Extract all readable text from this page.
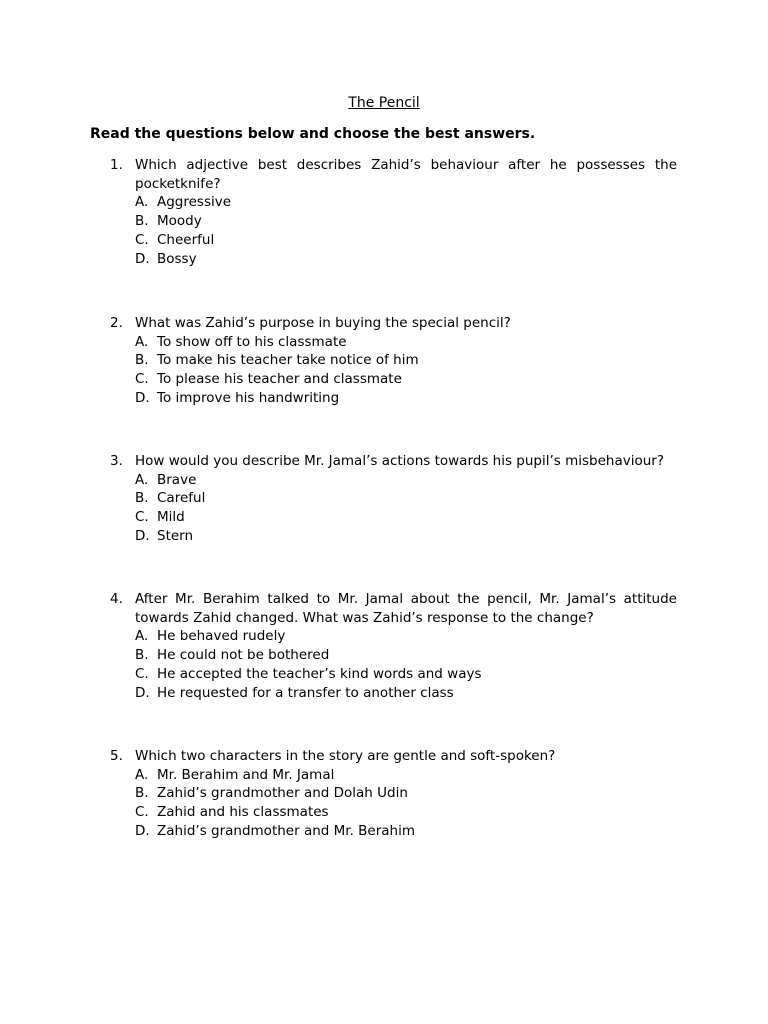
The Pencil
Read the questions below and choose the best answers.
1. Which adjective best describes Zahid’s behaviour after he possesses the pocketknife?
A. Aggressive
B. Moody
C. Cheerful
D. Bossy
2. What was Zahid’s purpose in buying the special pencil?
A. To show off to his classmate
B. To make his teacher take notice of him
C. To please his teacher and classmate
D. To improve his handwriting
3. How would you describe Mr. Jamal’s actions towards his pupil’s misbehaviour?
A. Brave
B. Careful
C. Mild
D. Stern
4. After Mr. Berahim talked to Mr. Jamal about the pencil, Mr. Jamal’s attitude towards Zahid changed. What was Zahid’s response to the change?
A. He behaved rudely
B. He could not be bothered
C. He accepted the teacher’s kind words and ways
D. He requested for a transfer to another class
5. Which two characters in the story are gentle and soft-spoken?
A. Mr. Berahim and Mr. Jamal
B. Zahid’s grandmother and Dolah Udin
C. Zahid and his classmates
D. Zahid’s grandmother and Mr. Berahim
